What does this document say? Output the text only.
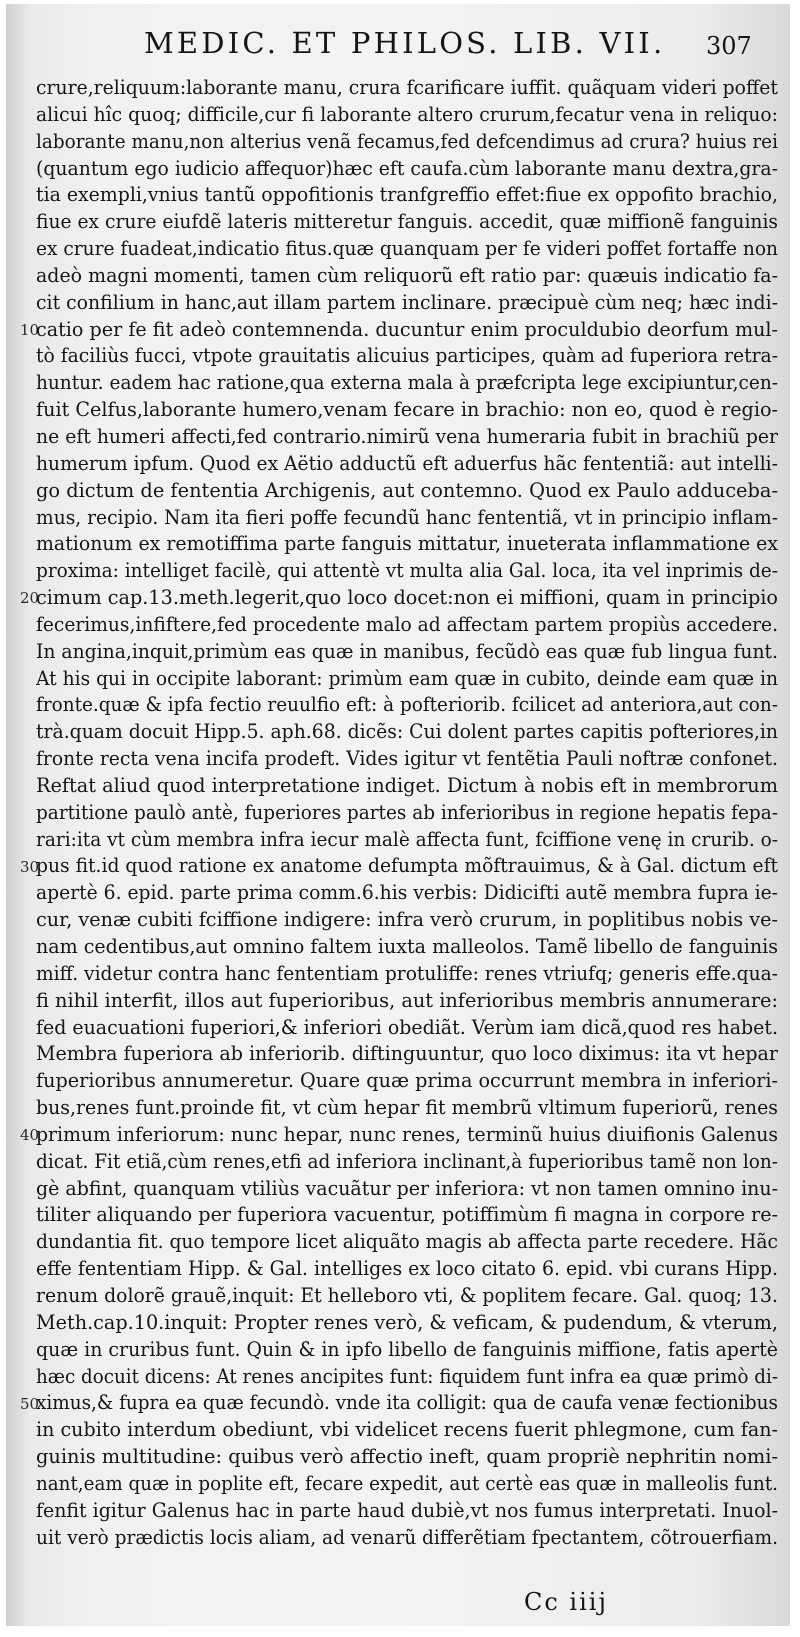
MEDIC. ET PHILOS. LIB. VII. 307
10
20
30
40
50
crure,reliquum:laborante manu, crura fcarificare iuffit. quãquam videri poffet
alicui hîc quoq; difficile,cur fi laborante altero crurum,fecatur vena in reliquo:
laborante manu,non alterius venã fecamus,fed defcendimus ad crura? huius rei
(quantum ego iudicio affequor)hæc eft caufa.cùm laborante manu dextra,gra-
tia exempli,vnius tantũ oppofitionis tranfgreffio effet:fiue ex oppofito brachio,
fiue ex crure eiufdẽ lateris mitteretur fanguis. accedit, quæ miffionẽ fanguinis
ex crure fuadeat,indicatio fitus.quæ quanquam per fe videri poffet fortaffe non
adeò magni momenti, tamen cùm reliquorũ eft ratio par: quæuis indicatio fa-
cit confilium in hanc,aut illam partem inclinare. præcipuè cùm neq; hæc indi-
catio per fe fit adeò contemnenda. ducuntur enim proculdubio deorfum mul-
tò faciliùs fucci, vtpote grauitatis alicuius participes, quàm ad fuperiora retra-
huntur. eadem hac ratione,qua externa mala à præfcripta lege excipiuntur,cen-
fuit Celfus,laborante humero,venam fecare in brachio: non eo, quod è regio-
ne eft humeri affecti,fed contrario.nimirũ vena humeraria fubit in brachiũ per
humerum ipfum. Quod ex Aëtio adductũ eft aduerfus hãc fententiã: aut intelli-
go dictum de fententia Archigenis, aut contemno. Quod ex Paulo adduceba-
mus, recipio. Nam ita fieri poffe fecundũ hanc fententiã, vt in principio inflam-
mationum ex remotiffima parte fanguis mittatur, inueterata inflammatione ex
proxima: intelliget facilè, qui attentè vt multa alia Gal. loca, ita vel inprimis de-
cimum cap.13.meth.legerit,quo loco docet:non ei miffioni, quam in principio
fecerimus,infiftere,fed procedente malo ad affectam partem propiùs accedere.
In angina,inquit,primùm eas quæ in manibus, fecũdò eas quæ fub lingua funt.
At his qui in occipite laborant: primùm eam quæ in cubito, deinde eam quæ in
fronte.quæ & ipfa fectio reuulfio eft: à pofteriorib. fcilicet ad anteriora,aut con-
trà.quam docuit Hipp.5. aph.68. dicẽs: Cui dolent partes capitis pofteriores,in
fronte recta vena incifa prodeft. Vides igitur vt fentẽtia Pauli noftræ confonet.
Reftat aliud quod interpretatione indiget. Dictum à nobis eft in membrorum
partitione paulò antè, fuperiores partes ab inferioribus in regione hepatis fepa-
rari:ita vt cùm membra infra iecur malè affecta funt, fciffione venę in crurib. o-
pus fit.id quod ratione ex anatome defumpta mõftrauimus, & à Gal. dictum eft
apertè 6. epid. parte prima comm.6.his verbis: Didicifti autẽ membra fupra ie-
cur, venæ cubiti fciffione indigere: infra verò crurum, in poplitibus nobis ve-
nam cedentibus,aut omnino faltem iuxta malleolos. Tamẽ libello de fanguinis
miff. videtur contra hanc fententiam protuliffe: renes vtriufq; generis effe.qua-
fi nihil interfit, illos aut fuperioribus, aut inferioribus membris annumerare:
fed euacuationi fuperiori,& inferiori obediãt. Verùm iam dicã,quod res habet.
Membra fuperiora ab inferiorib. diftinguuntur, quo loco diximus: ita vt hepar
fuperioribus annumeretur. Quare quæ prima occurrunt membra in inferiori-
bus,renes funt.proinde fit, vt cùm hepar fit membrũ vltimum fuperiorũ, renes
primum inferiorum: nunc hepar, nunc renes, terminũ huius diuifionis Galenus
dicat. Fit etiã,cùm renes,etfi ad inferiora inclinant,à fuperioribus tamẽ non lon-
gè abfint, quanquam vtiliùs vacuãtur per inferiora: vt non tamen omnino inu-
tiliter aliquando per fuperiora vacuentur, potiffimùm fi magna in corpore re-
dundantia fit. quo tempore licet aliquãto magis ab affecta parte recedere. Hãc
effe fententiam Hipp. & Gal. intelliges ex loco citato 6. epid. vbi curans Hipp.
renum dolorẽ grauẽ,inquit: Et helleboro vti, & poplitem fecare. Gal. quoq; 13.
Meth.cap.10.inquit: Propter renes verò, & veficam, & pudendum, & vterum,
quæ in cruribus funt. Quin & in ipfo libello de fanguinis miffione, fatis apertè
hæc docuit dicens: At renes ancipites funt: fiquidem funt infra ea quæ primò di-
ximus,& fupra ea quæ fecundò. vnde ita colligit: qua de caufa venæ fectionibus
in cubito interdum obediunt, vbi videlicet recens fuerit phlegmone, cum fan-
guinis multitudine: quibus verò affectio ineft, quam propriè nephritin nomi-
nant,eam quæ in poplite eft, fecare expedit, aut certè eas quæ in malleolis funt.
fenfit igitur Galenus hac in parte haud dubiè,vt nos fumus interpretati. Inuol-
uit verò prædictis locis aliam, ad venarũ differẽtiam fpectantem, cõtrouerfiam.
Cc iiij
